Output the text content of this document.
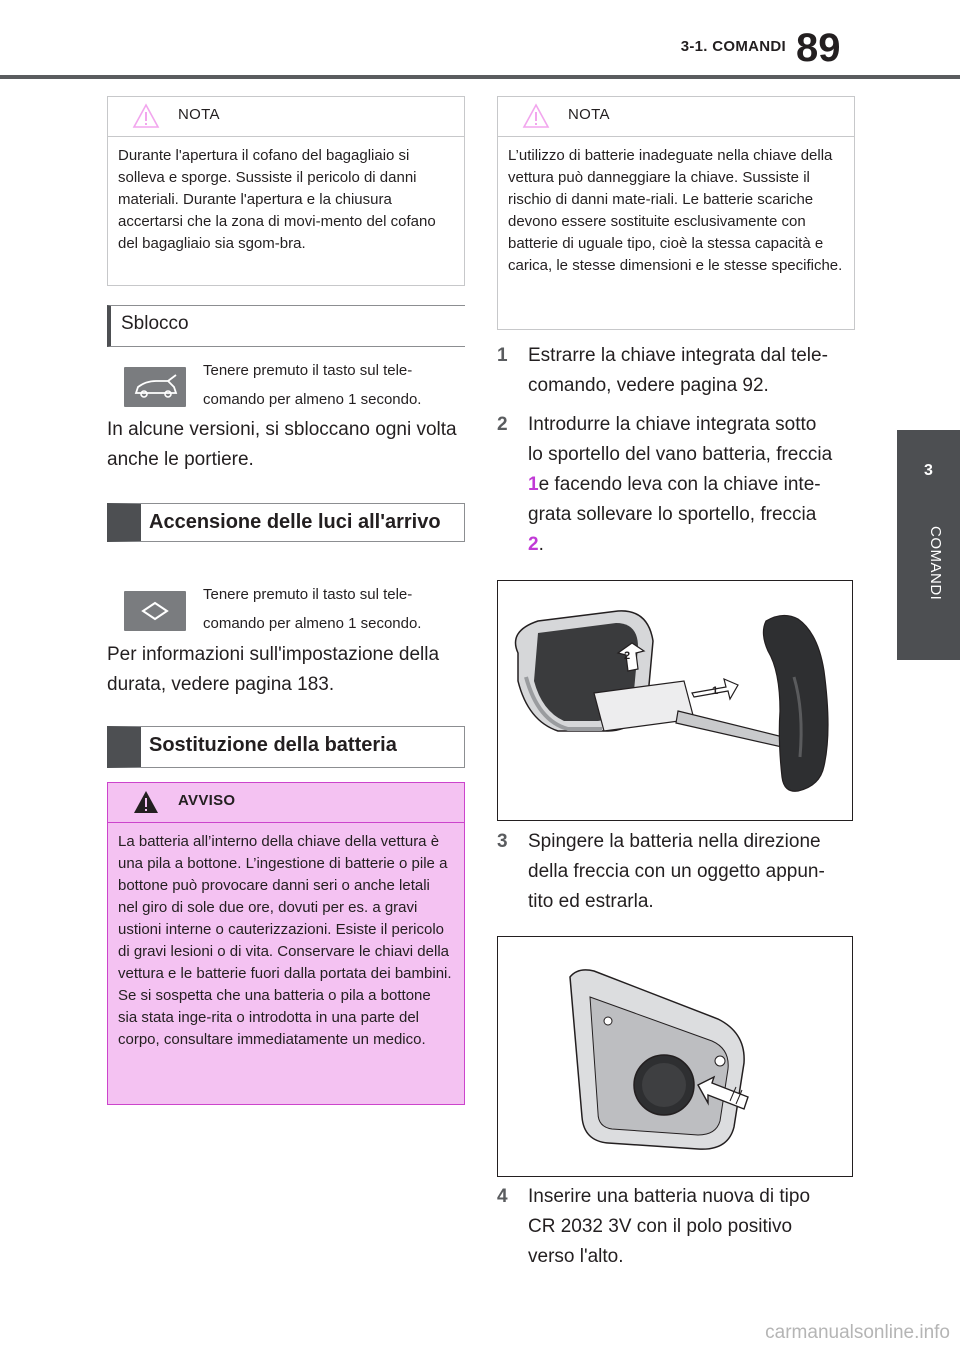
3-1. COMANDI 89
3
COMANDI
NOTA
Durante l'apertura il cofano del bagagliaio si solleva e sporge. Sussiste il pericolo di danni materiali. Durante l'apertura e la chiusura accertarsi che la zona di movi-mento del cofano del bagagliaio sia sgom-bra.
Sblocco
Tenere premuto il tasto sul tele-
comando per almeno 1 secondo.
In alcune versioni, si sbloccano ogni volta anche le portiere.
Accensione delle luci all'arrivo
Tenere premuto il tasto sul tele-
comando per almeno 1 secondo.
Per informazioni sull'impostazione della durata, vedere pagina 183.
Sostituzione della batteria
AVVISO
La batteria all’interno della chiave della vettura è una pila a bottone. L’ingestione di batterie o pile a bottone può provocare danni seri o anche letali nel giro di sole due ore, dovuti per es. a gravi ustioni interne o cauterizzazioni. Esiste il pericolo di gravi lesioni o di vita. Conservare le chiavi della vettura e le batterie fuori dalla portata dei bambini. Se si sospetta che una batteria o pila a bottone sia stata inge-rita o introdotta in una parte del corpo, consultare immediatamente un medico.
NOTA
L’utilizzo di batterie inadeguate nella chiave della vettura può danneggiare la chiave. Sussiste il rischio di danni mate-riali. Le batterie scariche devono essere sostituite esclusivamente con batterie di uguale tipo, cioè la stessa capacità e carica, le stesse dimensioni e le stesse specifiche.
1 Estrarre la chiave integrata dal tele-
comando, vedere pagina 92.
2 Introdurre la chiave integrata sotto
lo sportello del vano batteria, freccia
1e facendo leva con la chiave inte-
grata sollevare lo sportello, freccia
2.
2
1
3 Spingere la batteria nella direzione
della freccia con un oggetto appun-
tito ed estrarla.
4 Inserire una batteria nuova di tipo
CR 2032 3V con il polo positivo
verso l'alto.
carmanualsonline.info
